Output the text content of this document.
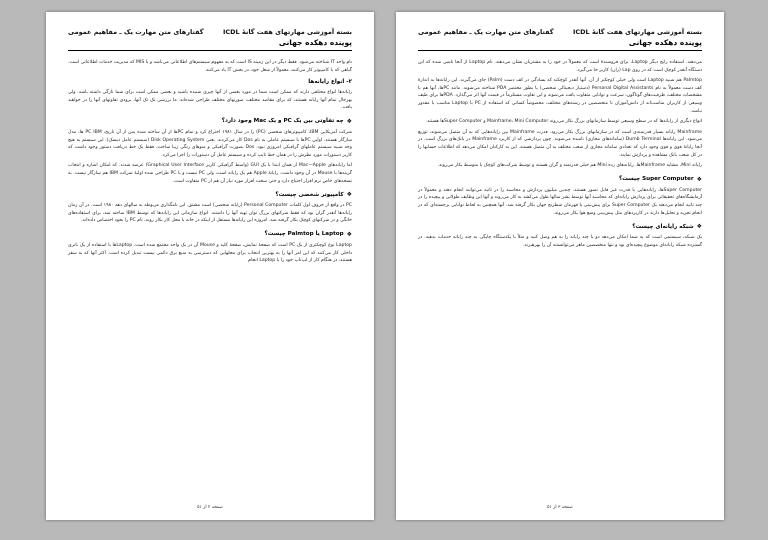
بسته آموزشی مهارتهای هفت گانهٔ ICDL
پوینده دهکده جهانی
گفتارهای متن مهارت یک ـ مفاهیم عمومی

نام واحد IT شناخته می‌شود. فقط دیگر در این زمینه IS است که به مفهوم سیستم‌های اطلاعاتی می‌باشد و با MIS که مدیریت خدمات اطلاعاتی است. گیاهی که با کامپیوتر کار می‌کنند، معمولاً از شغل خود، در بخش IT یاد می‌کنند.

۲- انواع رایانه‌ها

رایانه‌ها انواع مختلفی دارند که ممکن است شما در مورد بعضی از آنها چیزی شنیده باشید و بعضی ممکن است برای شما تازگی داشته باشد. ولی بهرحال تمام آنها رایانه هستند، که برای مقاصد مختلف، صورتهای مختلف طراحی شده‌اند. ما بررسی تک تک آنها، برودی تفاوتهای آنها را در خواهید یافت.

❖
چه تفاوتی بین یک PC و یک Mac وجود دارد؟

شرکت آمریکایی IBM، کامپیوترهای شخصی (PC) را در سال ۱۹۸۱ اختراع کرد و تمام PCها از آن ساخته شده پس از آن تاریخ، PC IBM ها، مدل سازگار هستند. اولین PCها با سیستم عاملی به نام Dos کار می‌کردند. یعنی Disk Operating System (سیستم عامل دیسک). این سیستم به هیچ وجه شبیه سیستم عاملهای گرافیکی امروزی نبود. Dos بصورت گرافیکی و منوهای رنگی زیبا ساخت، فقط یک خط دریافت دستور وجود داشت که کاربر دستورات مورد نظرش را در همان خط تایپ کرده و سیستم عامل آن دستورات را اجرا می‌کرد.

اما رایانه‌های Mac—Apple از همان ابتدا با یک GUI (واسط گرافیکی کاربر Graphical User Interface) عرضه شدند. که امکان اشاره و انتخاب گزینه‌ها با Mouse در آن وجود داشت. رایانهٔ Apple هم یک رایانه است، ولی PC نیست و با PC طراحی شده اولیهٔ شرکت IBM هم سازگار نیست. به نسخه‌های خاص نرم افزار احتیاج دارد و حتی سخت افزار مورد نیاز آن هم از PC متفاوت است.

❖
کامپیوتر شخصی چیست؟

PC در واقع از حروف اول کلمات Personal Computer (رایانه شخصی) است مشتق. این نامگذاری مربوطه به سالهای دهه ۱۹۸۰ است. در آن زمان رایانه‌ها آنقدر گران بود که فقط شرکتهای بزرگ توان تهیه آنها را داشتند. انواع سازمانی این رایانه‌ها که توسط IBM ساخته شد، برای استفاده‌های خانگی و در شرکتهای کوچک بکار گرفته شد. امروزه این رایانه‌ها مستقل از اینکه در خانه یا محل کار بکار روند، نام PC را بخود اختصاص داده‌اند.

❖
Laptop یا Palmtop چیست؟

Laptop نوع کوچکتری از یک PC است که صفحهٔ نمایش، صفحهٔ کلید و Mouse آن در یک واحد مجتمع شده است. Laptopها با استفاده از یک باتری داخلی کار می‌کنند که این امر آنها را به بهترین انتخاب برای محلهایی که دسترسی به منبع برق دائمی نیست تبدیل کرده است. اکثر آنها که به سفر هستند، در هنگام کار از لپ‌تاپ خود را با Laptop انجام

صفحه ۲ از ۵۱
بسته آموزشی مهارتهای هفت گانهٔ ICDL
پوینده دهکده جهانی
گفتارهای متن مهارت یک ـ مفاهیم عمومی

می‌دهند. استفاده رایج دیگر Laptop، برای فروشندهٔ است که معمولاً در خود را به مشتریان نشان می‌دهند. نام Laptop از آنجا ناشی شده که این دستگاه آنقدر کوچک است که در روی Lap (ران) کاربر جا می‌گیرد.

Palmtop هم شبیه Laptop است ولی خیلی کوچکتر از آن. آنها آنقدر کوچکند که بسادگی در کف دست (Palm) جای می‌گیرند. این رایانه‌ها به اندازهٔ کف دست معمولاً به نام Personal Digital Assistants (دستیار دیجیتالی شخصی) یا بطور مختصر PDA شناخته می‌شوند. مانند PCها، آنها هم با مشخصات مختلف، ظرفیت‌های گوناگون، سرعت و توانایی متفاوت یافت می‌شوند و این تفاوت مستلزماً در قیمت آنها اثر می‌گذارد. PDAها برای طیف وسیعی از کاربران مناسب‌اند از دانش‌آموزان تا متخصصین در رشته‌های مختلف، مخصوصاً کسانی که استفاده از PC با Laptop مناسب با مقدور نباشد.

انواع دیگری از رایانه‌ها که در سطح وسیعی توسط سازمانهای بزرگ بکار می‌روند Mainframe، Mini Computer و Super Computerها هستند.

Mainframe رایانه بسیار قدرتمندی است که در سازمانهای بزرگ بکار می‌رود. قدرت Mainframe بین رایانه‌هایی که به آن متصل می‌شوند، توزیع می‌شود. این رایانه‌ها Dumb Terminal (سامانه‌های مجازی) نامیده می‌شوند. چون پردازشی که از کاربرد Mainframe در بانک‌های بزرگ است. در آنجا رایانهٔ قوی و قوی وجود دارد که تعدادی سامانه مجازی از شعب مختلف به آن متصل هستند. این به کارکنان امکان می‌دهد که اطلاعات حسابها را در کل شعب بانک مشاهده و پردازش نمایند.

رایانه Mini، مشابه Mainframe‌ها. رایانه‌های رده Mini هم خیلی قدرتمند و گران هستند و توسط شرکت‌های کوچک با متوسط بکار می‌روند.

❖
Super Computer چیست؟

Super Computerها، رایانه‌هایی با قدرت غیر قابل تصور هستند. چندین میلیون پردازش و محاسبه را در ثانیه می‌توانند انجام دهند و معمولاً در آزمایشگاه‌های تحقیقاتی برای پردازش رایانه‌ای که محاسبه آنها توسط بشر سالها طول می‌کشد به کار می‌روند و آنها این وظایف طولانی و پیچیده را در چند ثانیه انجام می‌دهند یک Super Computer برای پیش‌بینی یا قهرمان شطرنج جهان بکار گرفته شد. آنها همچنین به لحاظ توانایی برجسته‌ای که در انجام تجزیه و تحلیل‌ها دارند در کاربردهای مثل پیش‌بینی وضع هوا بکار می‌روند.

❖
شبکه رایانه‌ای چیست؟

یک شبکه، سیستمی است که به شما امکان می‌دهد دو یا چند رایانه را به هم وصل کنید و مثلاً با یکدستگاه چاپگر، به چند رایانه خدمات بدهید. در گسترده شبکه رایانه‌ای موضوع پیچیده‌ای بود و تنها متخصصین ماهر می‌توانستند آن را بهرهبرند.

صفحه ۳ از ۵۱
